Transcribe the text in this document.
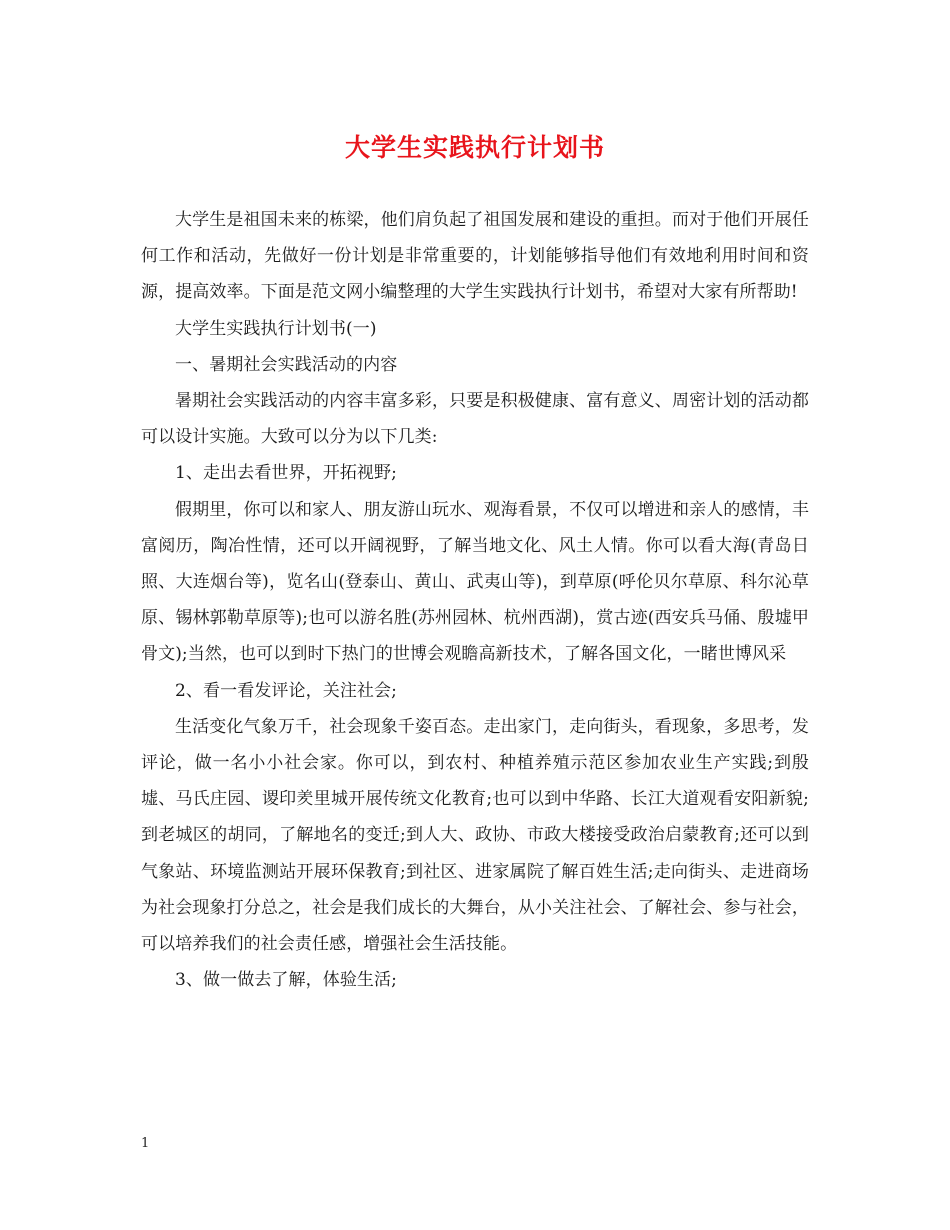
大学生实践执行计划书

大学生是祖国未来的栋梁，他们肩负起了祖国发展和建设的重担。而对于他们开展任何工作和活动，先做好一份计划是非常重要的，计划能够指导他们有效地利用时间和资源，提高效率。下面是范文网小编整理的大学生实践执行计划书，希望对大家有所帮助!

大学生实践执行计划书(一)

一、暑期社会实践活动的内容

暑期社会实践活动的内容丰富多彩，只要是积极健康、富有意义、周密计划的活动都可以设计实施。大致可以分为以下几类:

1、走出去看世界，开拓视野;

假期里，你可以和家人、朋友游山玩水、观海看景，不仅可以增进和亲人的感情，丰富阅历，陶冶性情，还可以开阔视野，了解当地文化、风土人情。你可以看大海(青岛日照、大连烟台等)，览名山(登泰山、黄山、武夷山等)，到草原(呼伦贝尔草原、科尔沁草原、锡林郭勒草原等);也可以游名胜(苏州园林、杭州西湖)，赏古迹(西安兵马俑、殷墟甲骨文);当然，也可以到时下热门的世博会观瞻高新技术，了解各国文化，一睹世博风采

2、看一看发评论，关注社会;

生活变化气象万千，社会现象千姿百态。走出家门，走向街头，看现象，多思考，发评论，做一名小小社会家。你可以，到农村、种植养殖示范区参加农业生产实践;到殷墟、马氏庄园、谡印羑里城开展传统文化教育;也可以到中华路、长江大道观看安阳新貌;到老城区的胡同，了解地名的变迁;到人大、政协、市政大楼接受政治启蒙教育;还可以到气象站、环境监测站开展环保教育;到社区、进家属院了解百姓生活;走向街头、走进商场为社会现象打分总之，社会是我们成长的大舞台，从小关注社会、了解社会、参与社会，可以培养我们的社会责任感，增强社会生活技能。

3、做一做去了解，体验生活;

1
